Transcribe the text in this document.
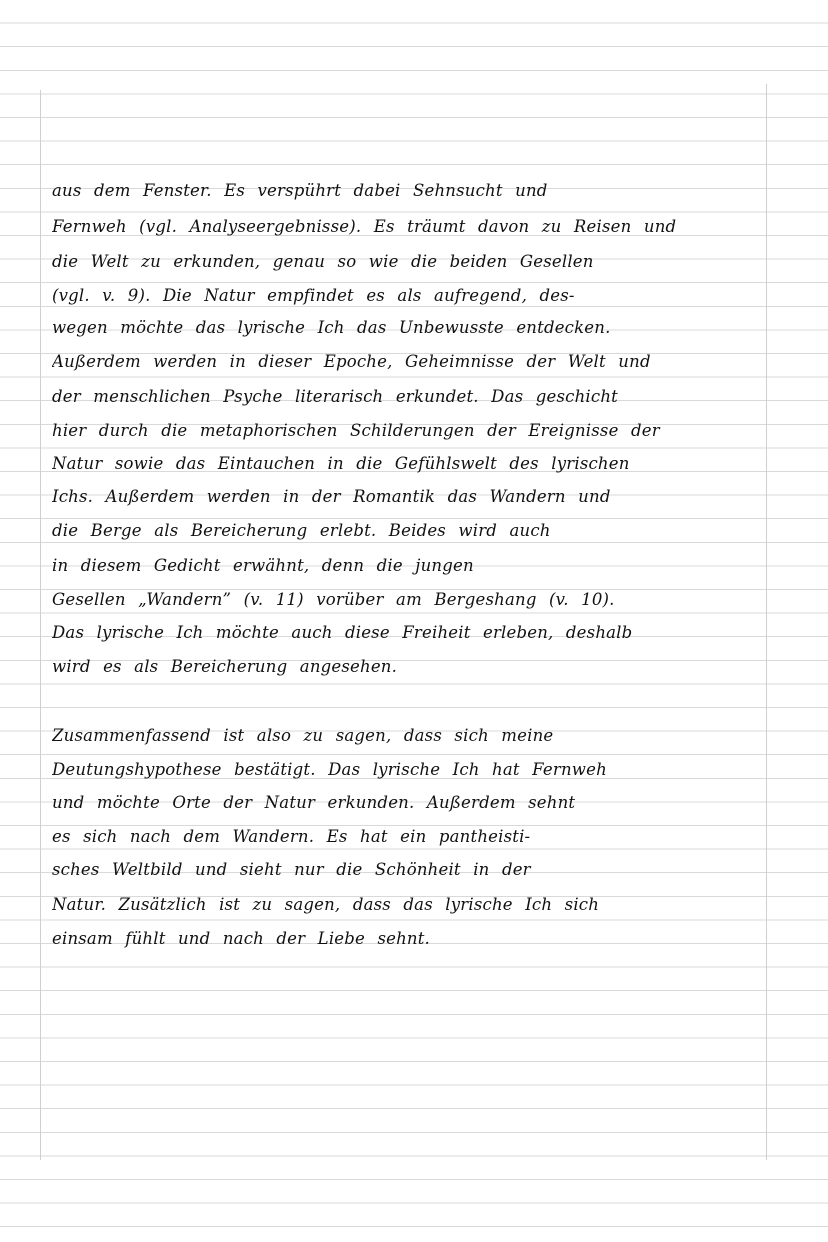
aus dem Fenster. Es verspührt dabei Sehnsucht und
Fernweh (vgl. Analyseergebnisse). Es träumt davon zu Reisen und
die Welt zu erkunden, genau so wie die beiden Gesellen
(vgl. v. 9). Die Natur empfindet es als aufregend, des-
wegen möchte das lyrische Ich das Unbewusste entdecken.
Außerdem werden in dieser Epoche, Geheimnisse der Welt und
der menschlichen Psyche literarisch erkundet. Das geschicht
hier durch die metaphorischen Schilderungen der Ereignisse der
Natur sowie das Eintauchen in die Gefühlswelt des lyrischen
Ichs. Außerdem werden in der Romantik das Wandern und
die Berge als Bereicherung erlebt. Beides wird auch
in diesem Gedicht erwähnt, denn die jungen
Gesellen „Wandern” (v. 11) vorüber am Bergeshang (v. 10).
Das lyrische Ich möchte auch diese Freiheit erleben, deshalb
wird es als Bereicherung angesehen.
Zusammenfassend ist also zu sagen, dass sich meine
Deutungshypothese bestätigt. Das lyrische Ich hat Fernweh
und möchte Orte der Natur erkunden. Außerdem sehnt
es sich nach dem Wandern. Es hat ein pantheisti-
sches Weltbild und sieht nur die Schönheit in der
Natur. Zusätzlich ist zu sagen, dass das lyrische Ich sich
einsam fühlt und nach der Liebe sehnt.
